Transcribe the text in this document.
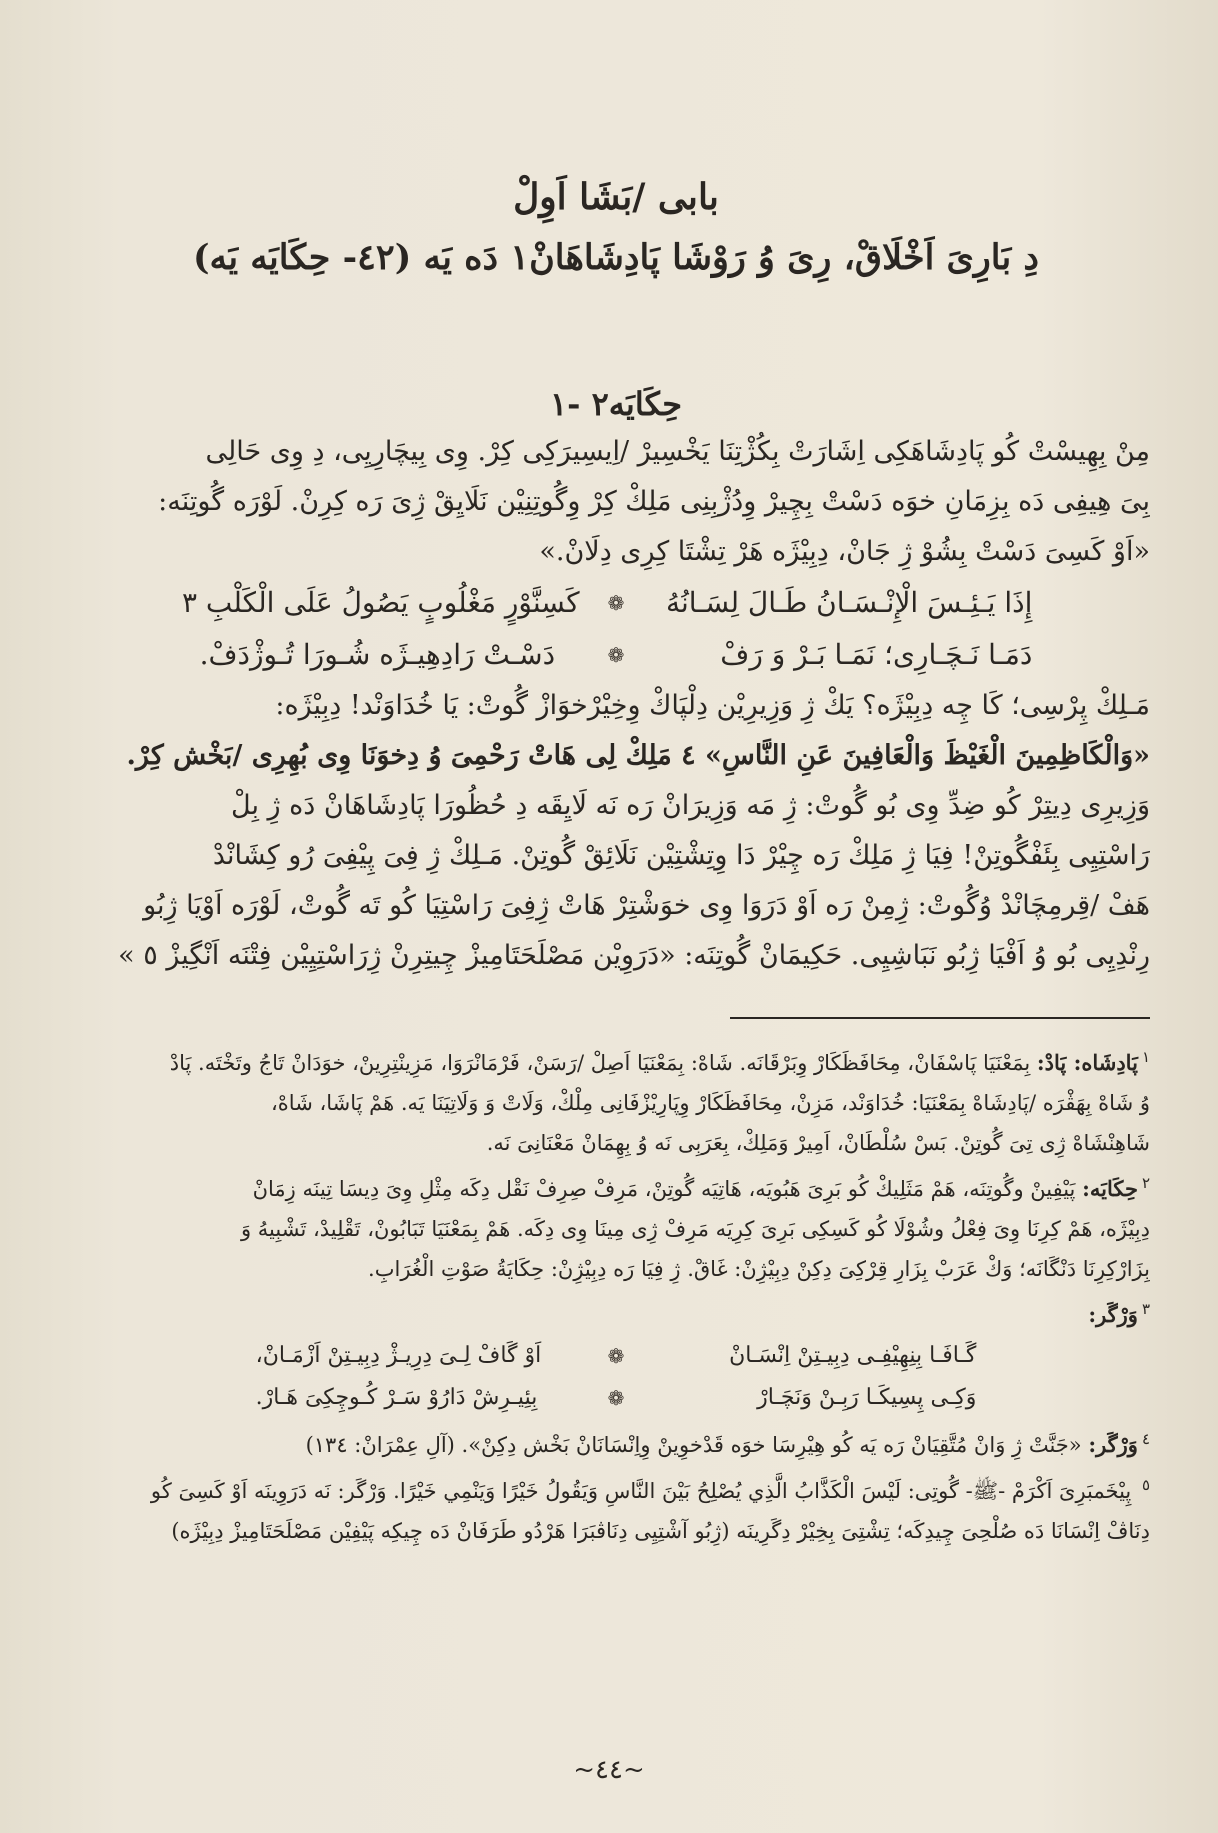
بابى /بَشَا اَوِلْ
دِ بَارِىَ اَخْلَاقْ، رِىَ وُ رَوْشَا پَادِشَاهَانْ١ دَه يَه (٤٢- حِكَايَه يَه)
حِكَايَه٢ -١
مِنْ بِهِيسْتْ كُو پَادِشَاهَكِى اِشَارَتْ بِكُژْتِنَا يَخْسِيرْ /اِيسِيرَكِى كِرْ. وِى بِيچَارِيِى، دِ وِى حَالِى
بِىَ هِيفِى دَه بِزِمَانِ خوَه دَسْتْ بِچِيرْ وِدُژْبِنِى مَلِكْ كِرْ وِگُوتِنِيْن نَلَايِقْ ژِىَ رَه كِرِنْ. لَوْرَه گُوتِنَه:
«اَوْ كَسِىَ دَسْتْ بِشُوْ ژِ جَانْ، دِبِيْژَه هَرْ تِشْتَا كِرِى دِلَانْ.»
كَسِنَّوْرٍ مَغْلُوبٍ يَصُولُ عَلَى الْكَلْبِ ٣ ❁	إِذَا يَـئِـسَ الْإِنْـسَـانُ طَـالَ لِسَـانُهُ
دَسْـتْ رَادِهِيـژَه شُـورَا تُـوژْدَفْ.	❁	دَمَـا نَـچَـارِى؛ نَمَـا بَـرْ وَ رَفْ
مَـلِكْ پِرْسِى؛ كَا چِه دِبِيْژَه؟ يَكْ ژِ وَزِيرِيْن دِلْپَاكْ وِخِيْرْخوَازْ گُوتْ: يَا خُدَاوَنْد! دِبِيْژَه:
«وَالْكَاظِمِينَ الْغَيْظَ وَالْعَافِينَ عَنِ النَّاسِ» ٤ مَلِكْ لِى هَاتْ رَحْمِىَ وُ دِخوَنَا وِى بُهِرِى /بَخْش كِرْ.
وَزِيرِى دِيتِرْ كُو ضِدِّ وِى بُو گُوتْ: ژِ مَه وَزِيرَانْ رَه نَه لَايِقَه دِ حُظُورَا پَادِشَاهَانْ دَه ژِ بِلْ
رَاسْتِيِى بِئَفْگُوتِنْ! فِيَا ژِ مَلِكْ رَه چِيْرْ دَا وِتِشْتِيْن نَلَائِقْ گُوتِنْ. مَـلِكْ ژِ فِىَ پِيْفِىَ رُو كِشَانْدْ
هَفْ /قِرمِچَانْدْ وُگُوتْ: ژِمِنْ رَه اَوْ دَرَوَا وِى خوَشْتِرْ هَاتْ ژِفِىَ رَاسْتِيَا كُو تَه گُوتْ، لَوْرَه اَوْيَا ژِبُو
رِنْدِيِى بُو وُ اَفْيَا ژِبُو نَبَاشِيِى. حَكِيمَانْ گُوتِنَه: «دَرَوِيْن مَصْلَحَتَامِيزْ چِيتِرِنْ ژِرَاسْتِيِيْن فِتْنَه اَنْگِيزْ ٥ »
$^١$پَادِشَاه: پَادْ: بِمَعْنَيَا پَاسْفَانْ، مِحَافَظَكَارْ وِبَرْقَانَه. شَاهْ: بِمَعْنَيَا اَصِلْ /رَسَنْ، فَرْمَانْرَوَا، مَزِينْتِرِينْ، خوَدَانْ تَاجُ وتَخْتَه. پَادْ
وُ شَاهْ بِهَڤْرَه /پَادِشَاهْ بِمَعْنَيَا: خُدَاوَنْد، مَزِنْ، مِحَافَظَكَارْ وِپَارِيْزْفَانِى مِلْكْ، وَلَاتْ وَ وَلَاتِيَنَا يَه. هَمْ پَاشَا، شَاهْ،
شَاهِنْشَاهْ ژِى تِىَ گُوتِنْ. بَسْ سُلْطَانْ، اَمِيرْ وَمَلِكْ، بِعَرَبِى نَه وُ بِهِمَانْ مَعْنَانِىَ نَه.
$^٢$حِكَايَه: پَيْفِينْ وگُوتِنَه، هَمْ مَثَلِيكْ كُو بَرِىَ هَبُويَه، هَاتِيَه گُوتِنْ، مَرِفْ صِرِفْ نَقْل دِكَه مِثْلِ وِىَ دِيسَا تِينَه زِمَانْ
دِبِيْژَه، هَمْ كِرِنَا وِىَ فِعْلُ وشُوْلَا كُو كَسِكِى بَرِىَ كِرِيَه مَرِفْ ژِى مِينَا وِى دِكَه. هَمْ بِمَعْنَيَا تَبَابُونْ، تَقْلِيدْ، تَشْبِيهُ وَ
بِزَارْكِرِنَا دَنْگَانَه؛ وَكْ عَرَبْ بِزَارِ قِرْكِىَ دِكِنْ دِبِيْژِنْ: غَاقْ. ژِ فِيَا رَه دِبِيْژِنْ: حِكَايَةُ صَوْتِ الْغُرَابِ.
$^٣$وَرْگَر:
اَوْ گَافْ لِـىَ دِرِيـژْ دِبِيـتِنْ اَزْمَـانْ،	❁	گَـافَـا بِنِهِيْفِـى دِبِيـتِنْ اِنْسَـانْ
بِئِيـرِشْ دَارُوْ سَـرْ كُـوچِكِىَ هَـارْ.	❁	وَكِـى پِسِيكَـا رَبِـنْ وَنَچَـارْ
$^٤$وَرْگَر: «جَنَّتْ ژِ وَانْ مُتَّقِيَانْ رَه يَه كُو هِيْرِسَا خوَه قَدْخوِينْ وِاِنْسَانَانْ بَخْش دِكِنْ». (آلِ عِمْرَانْ: ١٣٤)
$^٥$ پِيْخَمبَرِىَ اَكْرَمْ -ﷺ- گُوتِى: لَيْسَ الْكَذَّابُ الَّذِي يُصْلِحُ بَيْنَ النَّاسِ وَيَقُولُ خَيْرًا وَيَنْمِي خَيْرًا. وَرْگَر: نَه دَرَوِينَه اَوْ كَسِىَ كُو
دِنَاڤْ اِنْسَانَا دَه صُلْحِىَ چِيدِكَه؛ تِشْتِىَ بِخِيْرْ دِگَرِينَه (ژِبُو آشْتِيِى دِنَاڤبَرَا هَرْدُو طَرَفَانْ دَه چِيكِه پَيْفِيْن مَصْلَحَتَامِيزْ دِبِيْژَه)
~٤٤~
